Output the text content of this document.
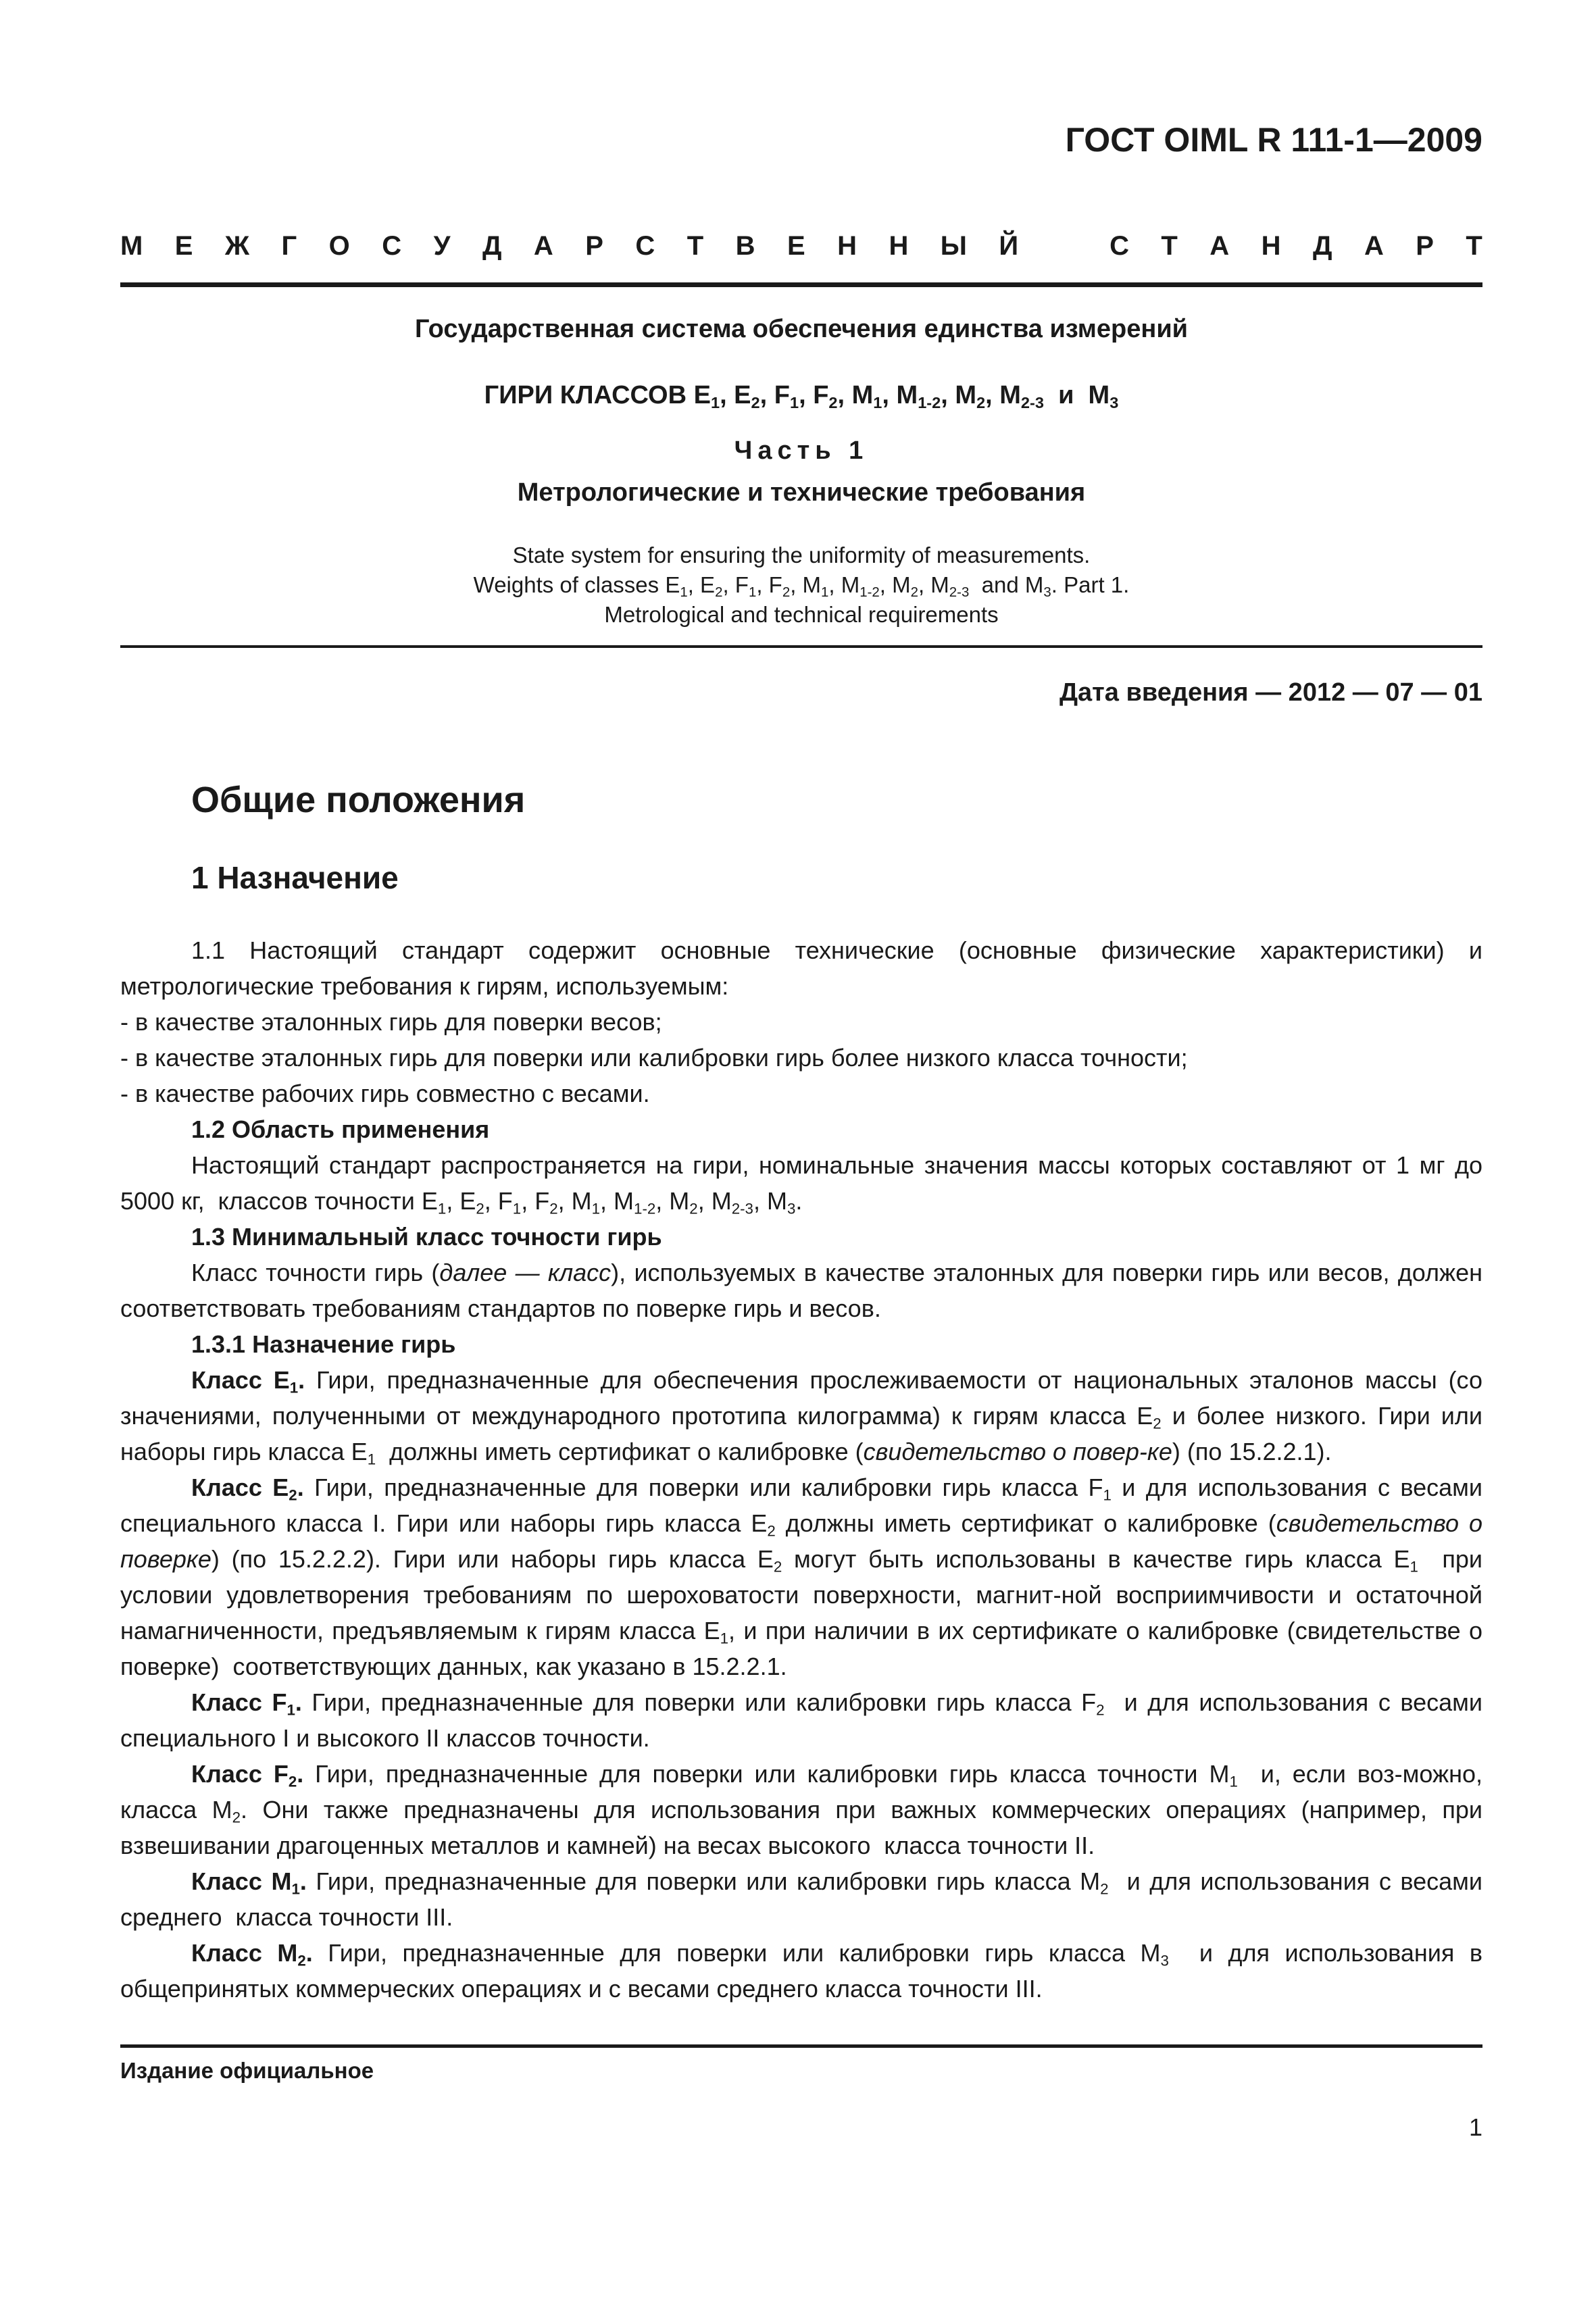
ГОСТ OIML R 111-1—2009
М Е Ж Г О С У Д А Р С Т В Е Н Н Ы Й	С Т А Н Д А Р Т
Государственная система обеспечения единства измерений
ГИРИ КЛАССОВ $E_1$, $E_2$, $F_1$, $F_2$, $M_1$, $M_{1-2}$, $M_2$, $M_{2-3}$  и  $M_3$
Часть 1
Метрологические и технические требования
State system for ensuring the uniformity of measurements.
Weights of classes $E_1$, $E_2$, $F_1$, $F_2$, $M_1$, $M_{1-2}$, $M_2$, $M_{2-3}$  and $M_3$. Part 1.
Metrological and technical requirements
Дата введения — 2012 — 07 — 01
Общие положения
1 Назначение

1.1 Настоящий стандарт содержит основные технические (основные физические характеристики) и метрологические требования к гирям, используемым:

- в качестве эталонных гирь для поверки весов;

- в качестве эталонных гирь для поверки или калибровки гирь более низкого класса точности;

- в качестве рабочих гирь совместно с весами.

1.2 Область применения

Настоящий стандарт распространяется на гири, номинальные значения массы которых составляют от 1 мг до 5000 кг,  классов точности $E_1$, $E_2$, $F_1$, $F_2$, $M_1$, $M_{1-2}$, $M_2$, $M_{2-3}$, $M_3$.

1.3 Минимальный класс точности гирь

Класс точности гирь (далее — класс), используемых в качестве эталонных для поверки гирь или весов, должен соответствовать требованиям стандартов по поверке гирь и весов.

1.3.1 Назначение гирь

Класс $E_1$. Гири, предназначенные для обеспечения прослеживаемости от национальных эталонов массы (со значениями, полученными от международного прототипа килограмма) к гирям класса $E_2$ и более низкого. Гири или наборы гирь класса $E_1$  должны иметь сертификат о калибровке (свидетельство о повер-ке) (по 15.2.2.1).

Класс $E_2$. Гири, предназначенные для поверки или калибровки гирь класса $F_1$ и для использования с весами специального класса I. Гири или наборы гирь класса $E_2$ должны иметь сертификат о калибровке (свидетельство о поверке) (по 15.2.2.2). Гири или наборы гирь класса $E_2$ могут быть использованы в качестве гирь класса $E_1$  при условии удовлетворения требованиям по шероховатости поверхности, магнит-ной восприимчивости и остаточной намагниченности, предъявляемым к гирям класса $E_1$, и при наличии в их сертификате о калибровке (свидетельстве о поверке)  соответствующих данных, как указано в 15.2.2.1.

Класс $F_1$. Гири, предназначенные для поверки или калибровки гирь класса $F_2$  и для использования с весами специального I и высокого II классов точности.

Класс $F_2$. Гири, предназначенные для поверки или калибровки гирь класса точности $M_1$  и, если воз-можно, класса $M_2$. Они также предназначены для использования при важных коммерческих операциях (например, при взвешивании драгоценных металлов и камней) на весах высокого  класса точности II.

Класс $M_1$. Гири, предназначенные для поверки или калибровки гирь класса $M_2$  и для использования с весами среднего  класса точности III.

Класс $M_2$. Гири, предназначенные для поверки или калибровки гирь класса $M_3$  и для использования в общепринятых коммерческих операциях и с весами среднего класса точности III.

Издание официальное
1
